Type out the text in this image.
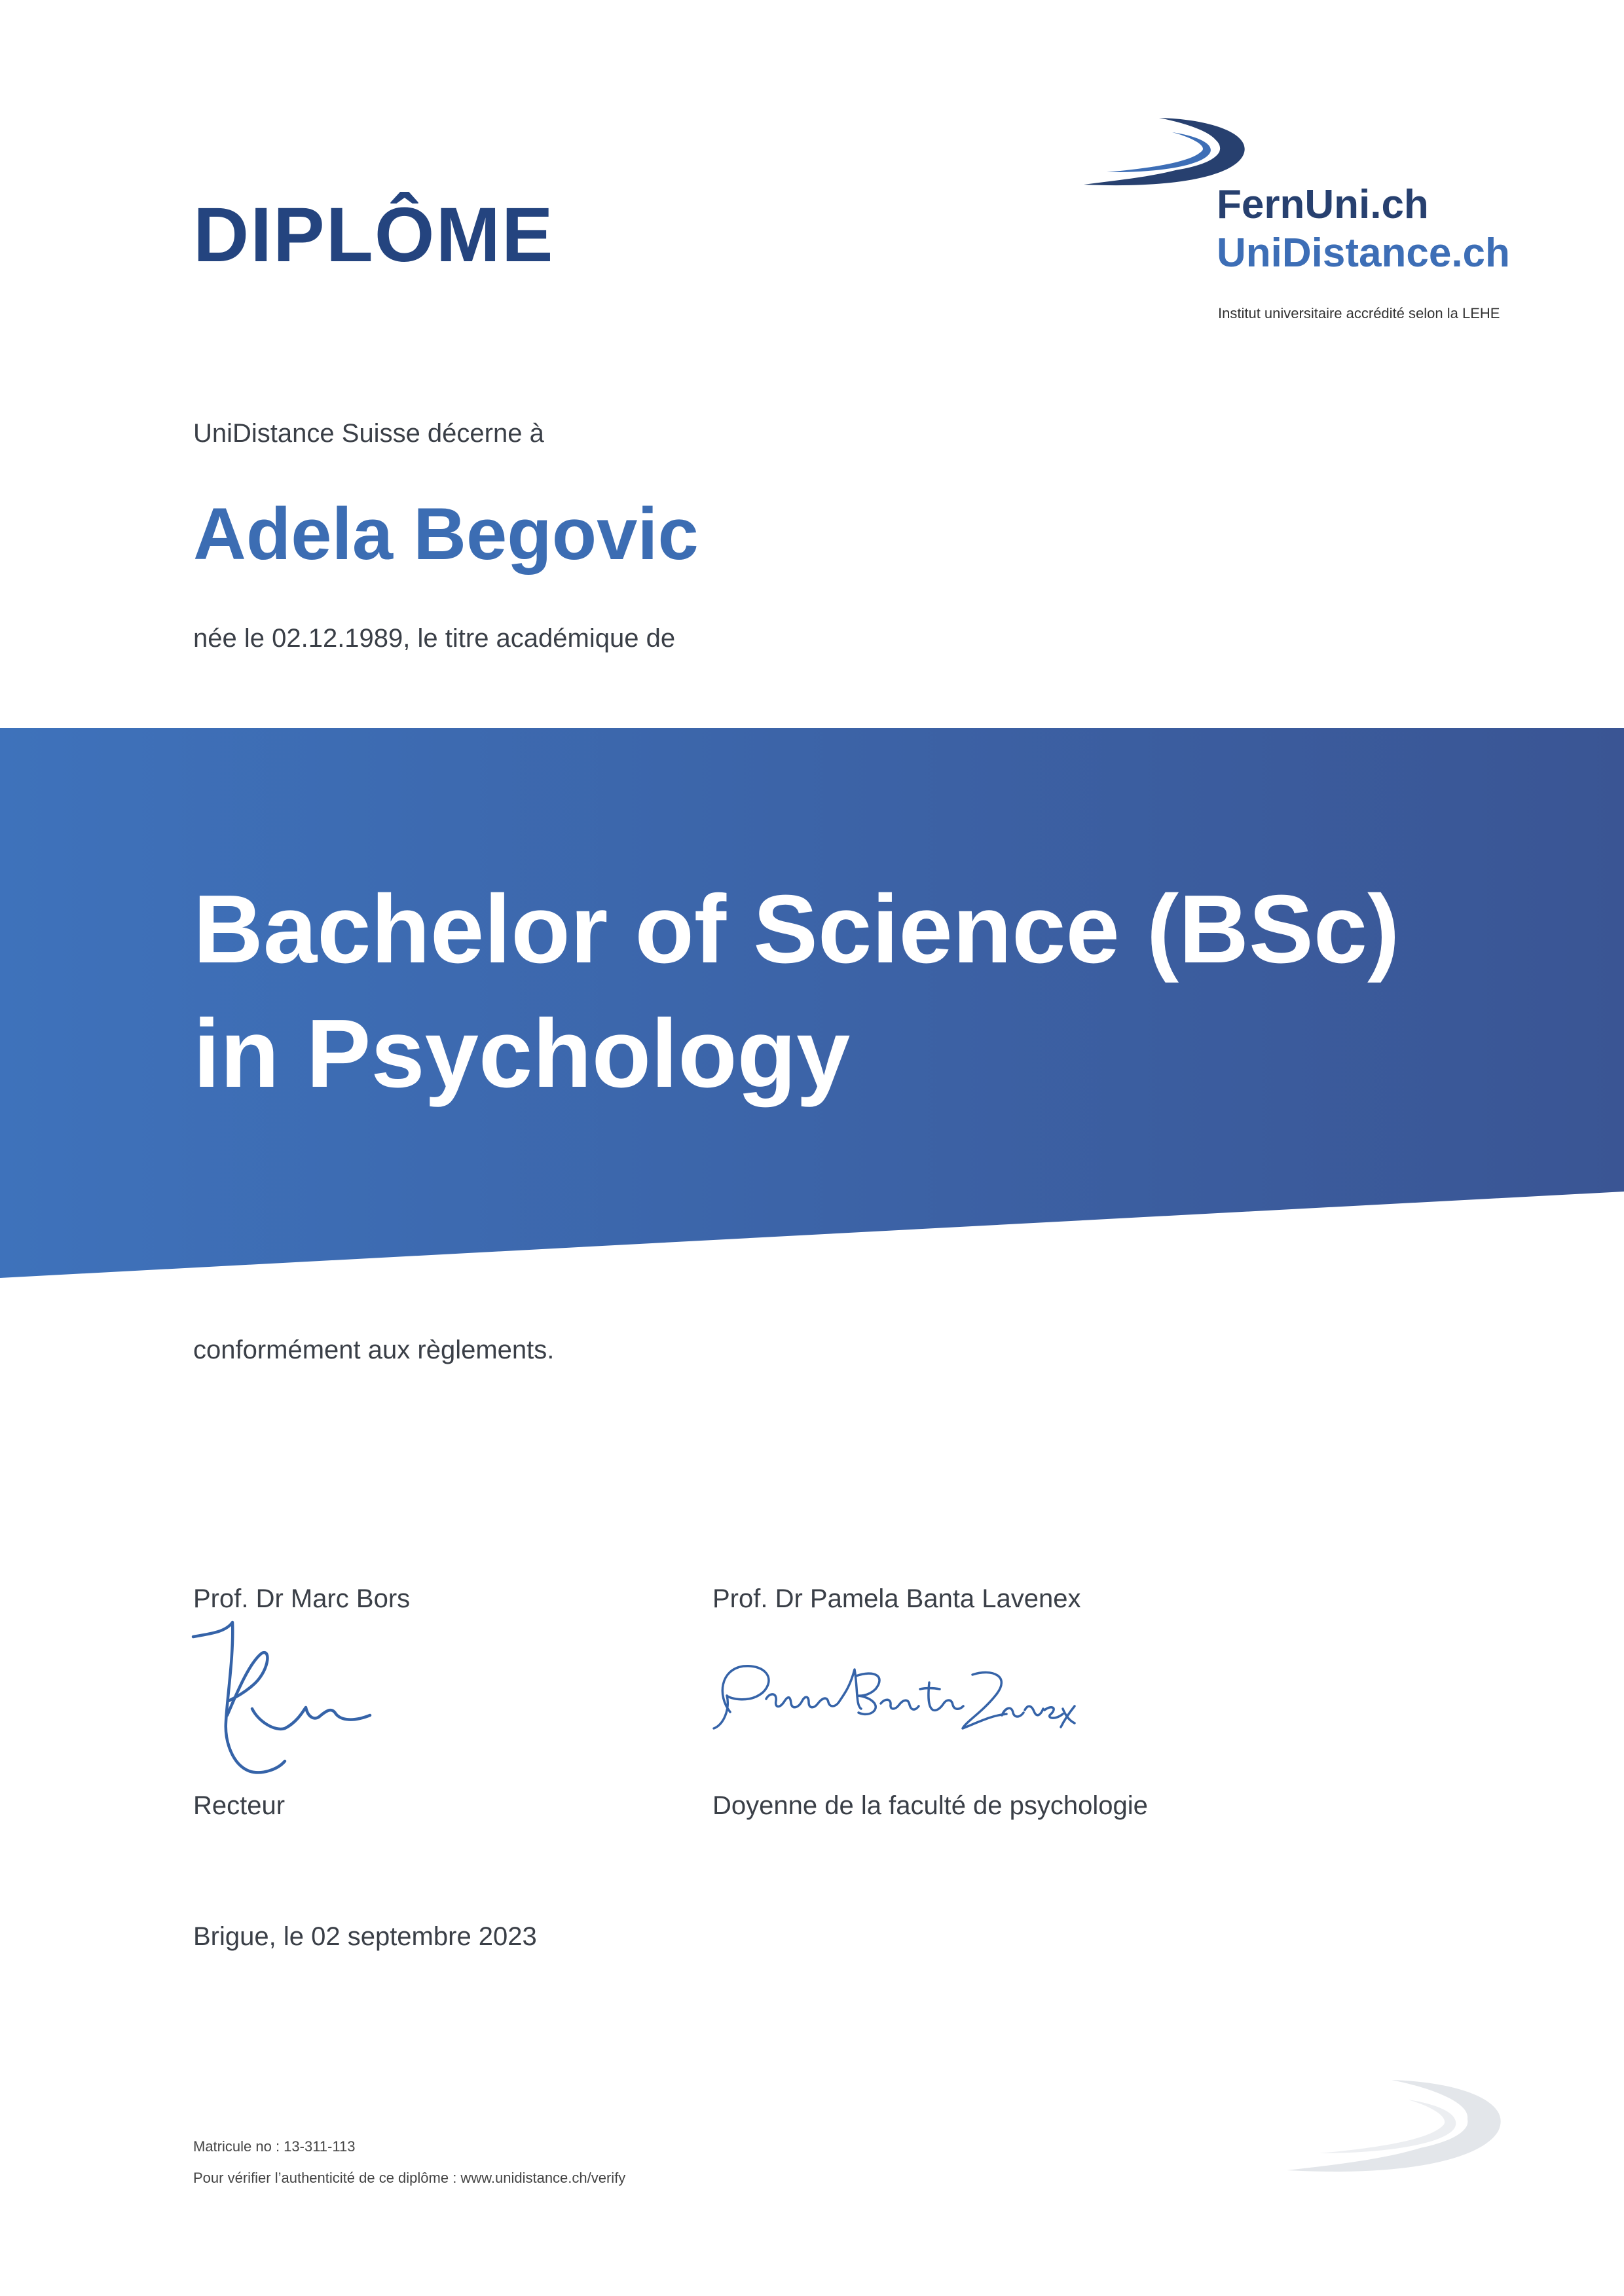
DIPLÔME	FernUni.ch
UniDistance.ch
Institut universitaire accrédité selon la LEHE
UniDistance Suisse décerne à
Adela Begovic
née le 02.12.1989, le titre académique de
Bachelor of Science (BSc)
in Psychology
conformément aux règlements.
Prof. Dr Marc Bors
Recteur
Prof. Dr Pamela Banta Lavenex
Doyenne de la faculté de psychologie
Brigue, le 02 septembre 2023
Matricule no : 13-311-113
Pour vérifier l’authenticité de ce diplôme : www.unidistance.ch/verify
